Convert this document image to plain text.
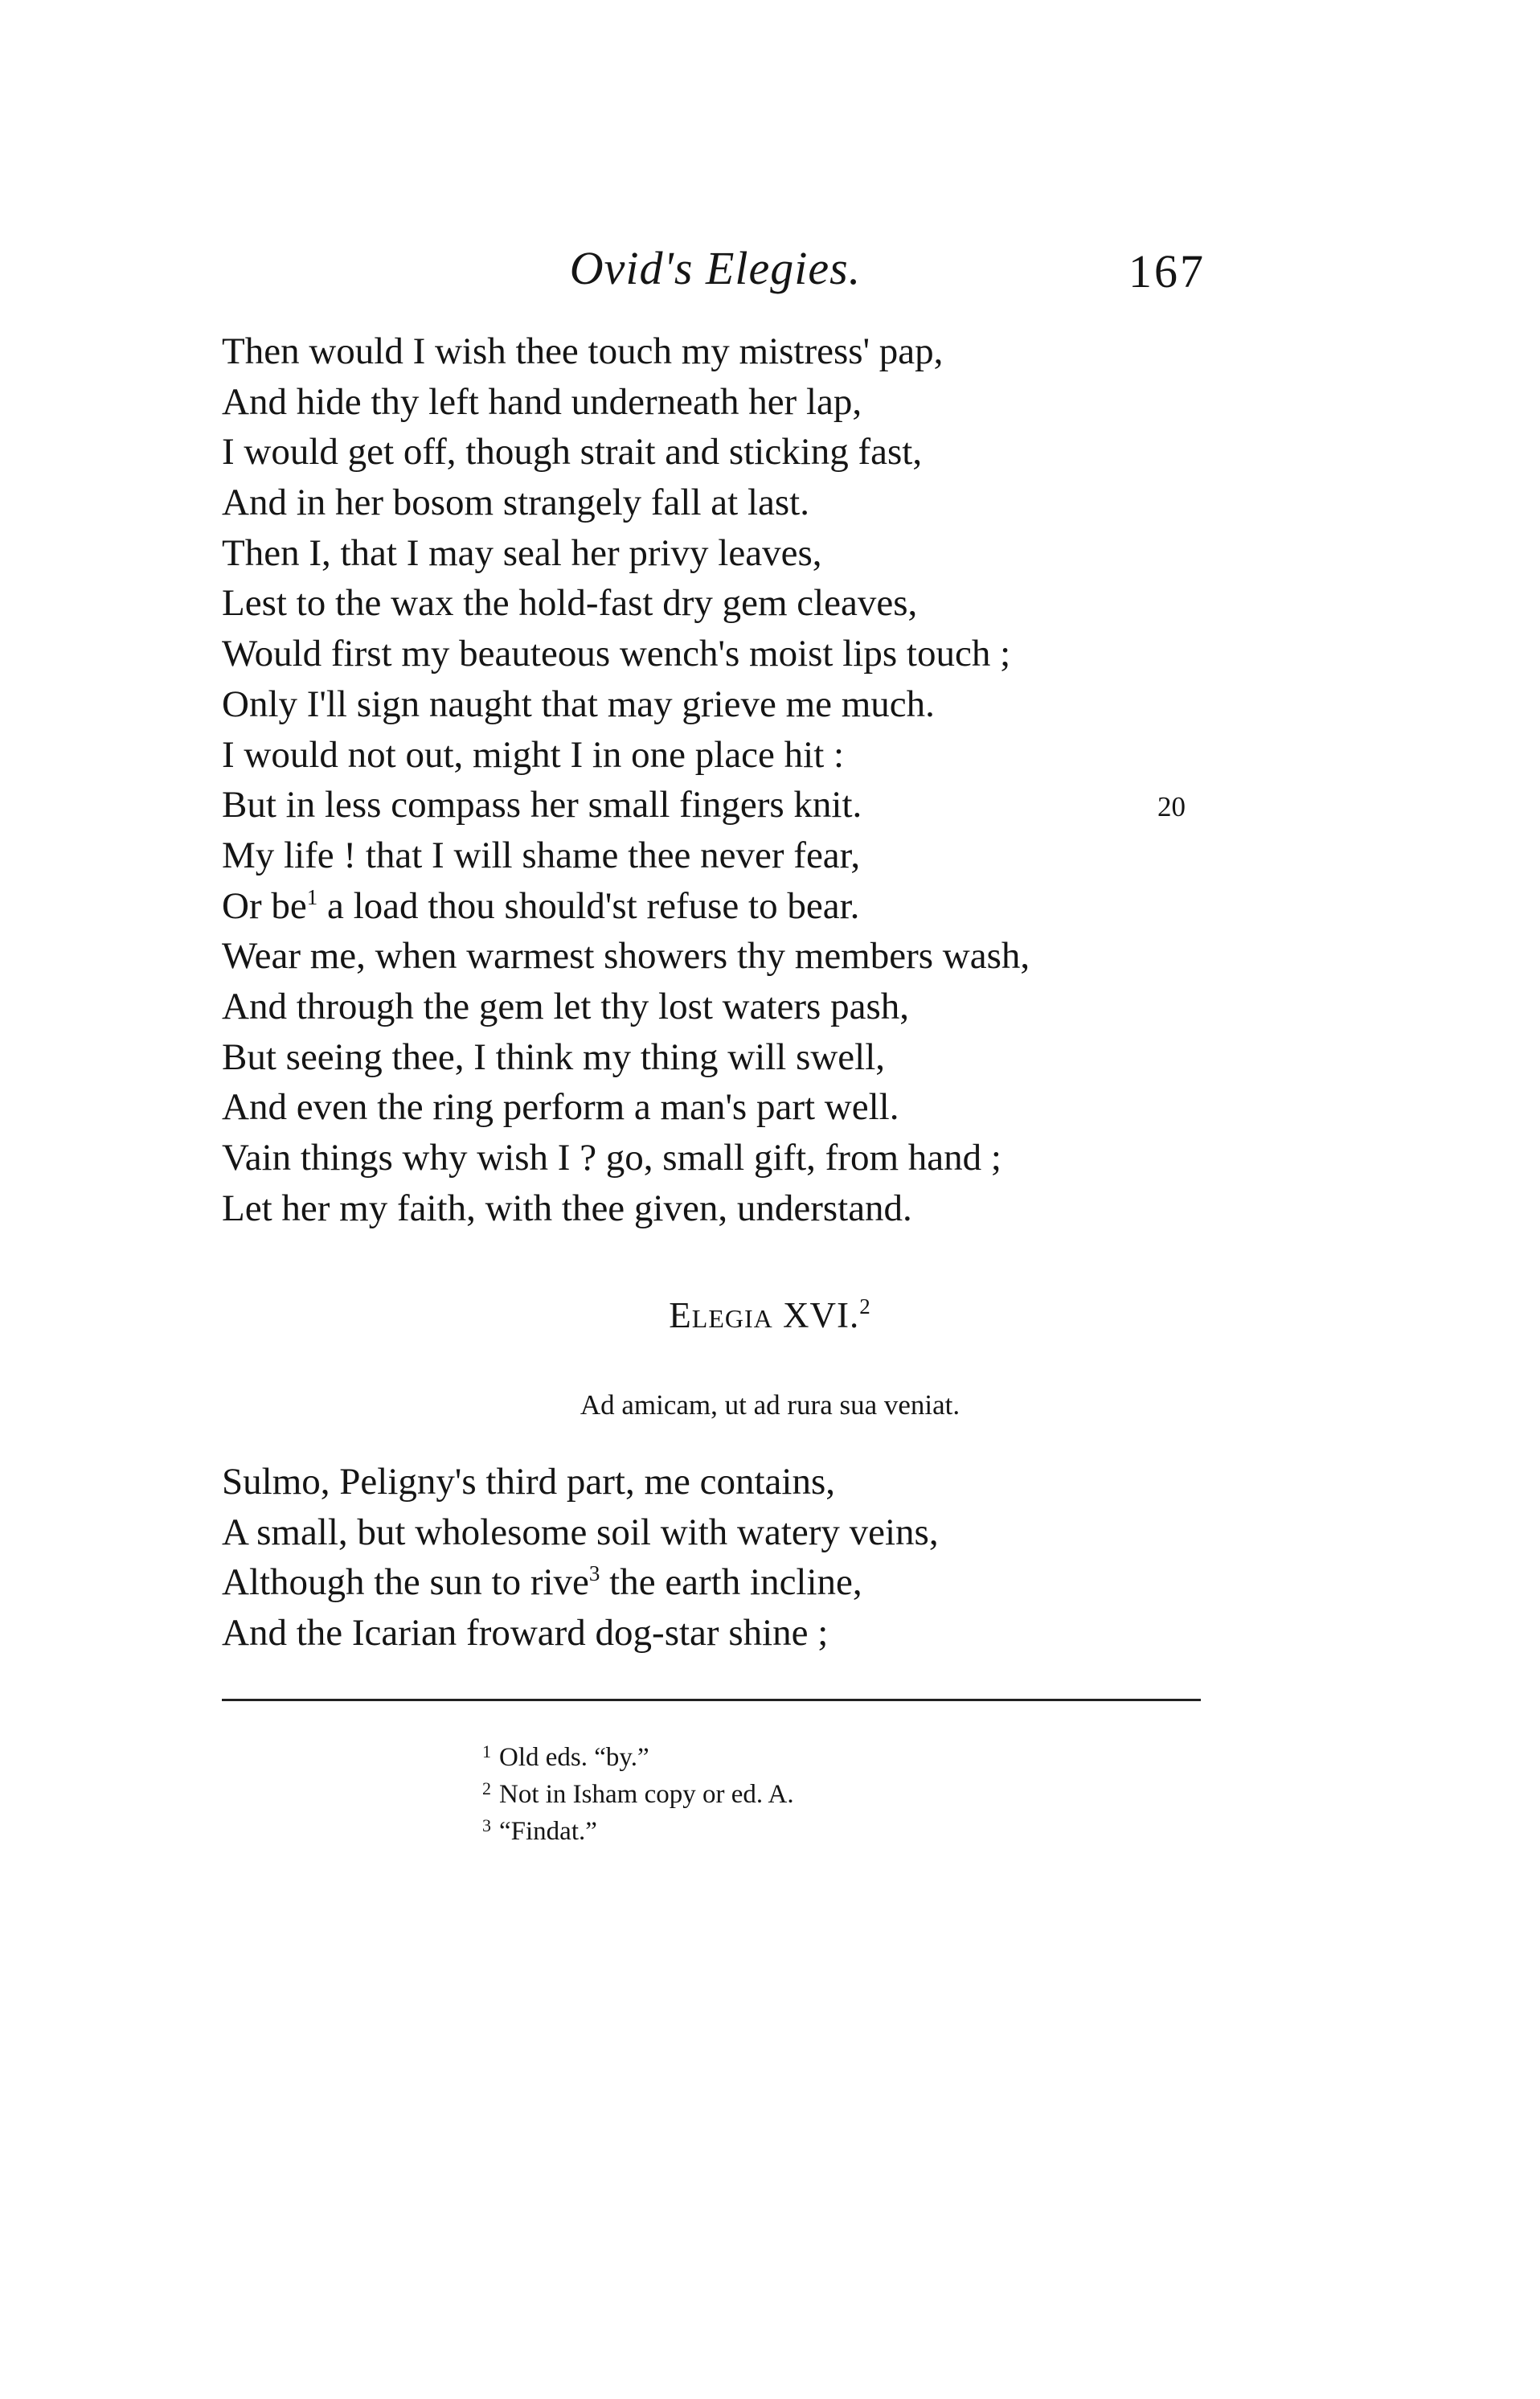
Ovid's Elegies.	167
Then would I wish thee touch my mistress' pap,
And hide thy left hand underneath her lap,
I would get off, though strait and sticking fast,
And in her bosom strangely fall at last.
Then I, that I may seal her privy leaves,
Lest to the wax the hold-fast dry gem cleaves,
Would first my beauteous wench's moist lips touch ;
Only I'll sign naught that may grieve me much.
I would not out, might I in one place hit :
But in less compass her small fingers knit.	20
My life ! that I will shame thee never fear,
Or $be^1$ a load thou should'st refuse to bear.
Wear me, when warmest showers thy members wash,
And through the gem let thy lost waters pash,
But seeing thee, I think my thing will swell,
And even the ring perform a man's part well.
Vain things why wish I ? go, small gift, from hand ;
Let her my faith, with thee given, understand.
ELEGIA XVI.$^2$
Ad amicam, ut ad rura sua veniat.
Sulmo, Peligny's third part, me contains,
A small, but wholesome soil with watery veins,
Although the sun to rive$^3$ the earth incline,
And the Icarian froward dog-star shine ;
$^1$ Old eds. “by.”
$^2$ Not in Isham copy or ed. A.
$^3$ “Findat.”
